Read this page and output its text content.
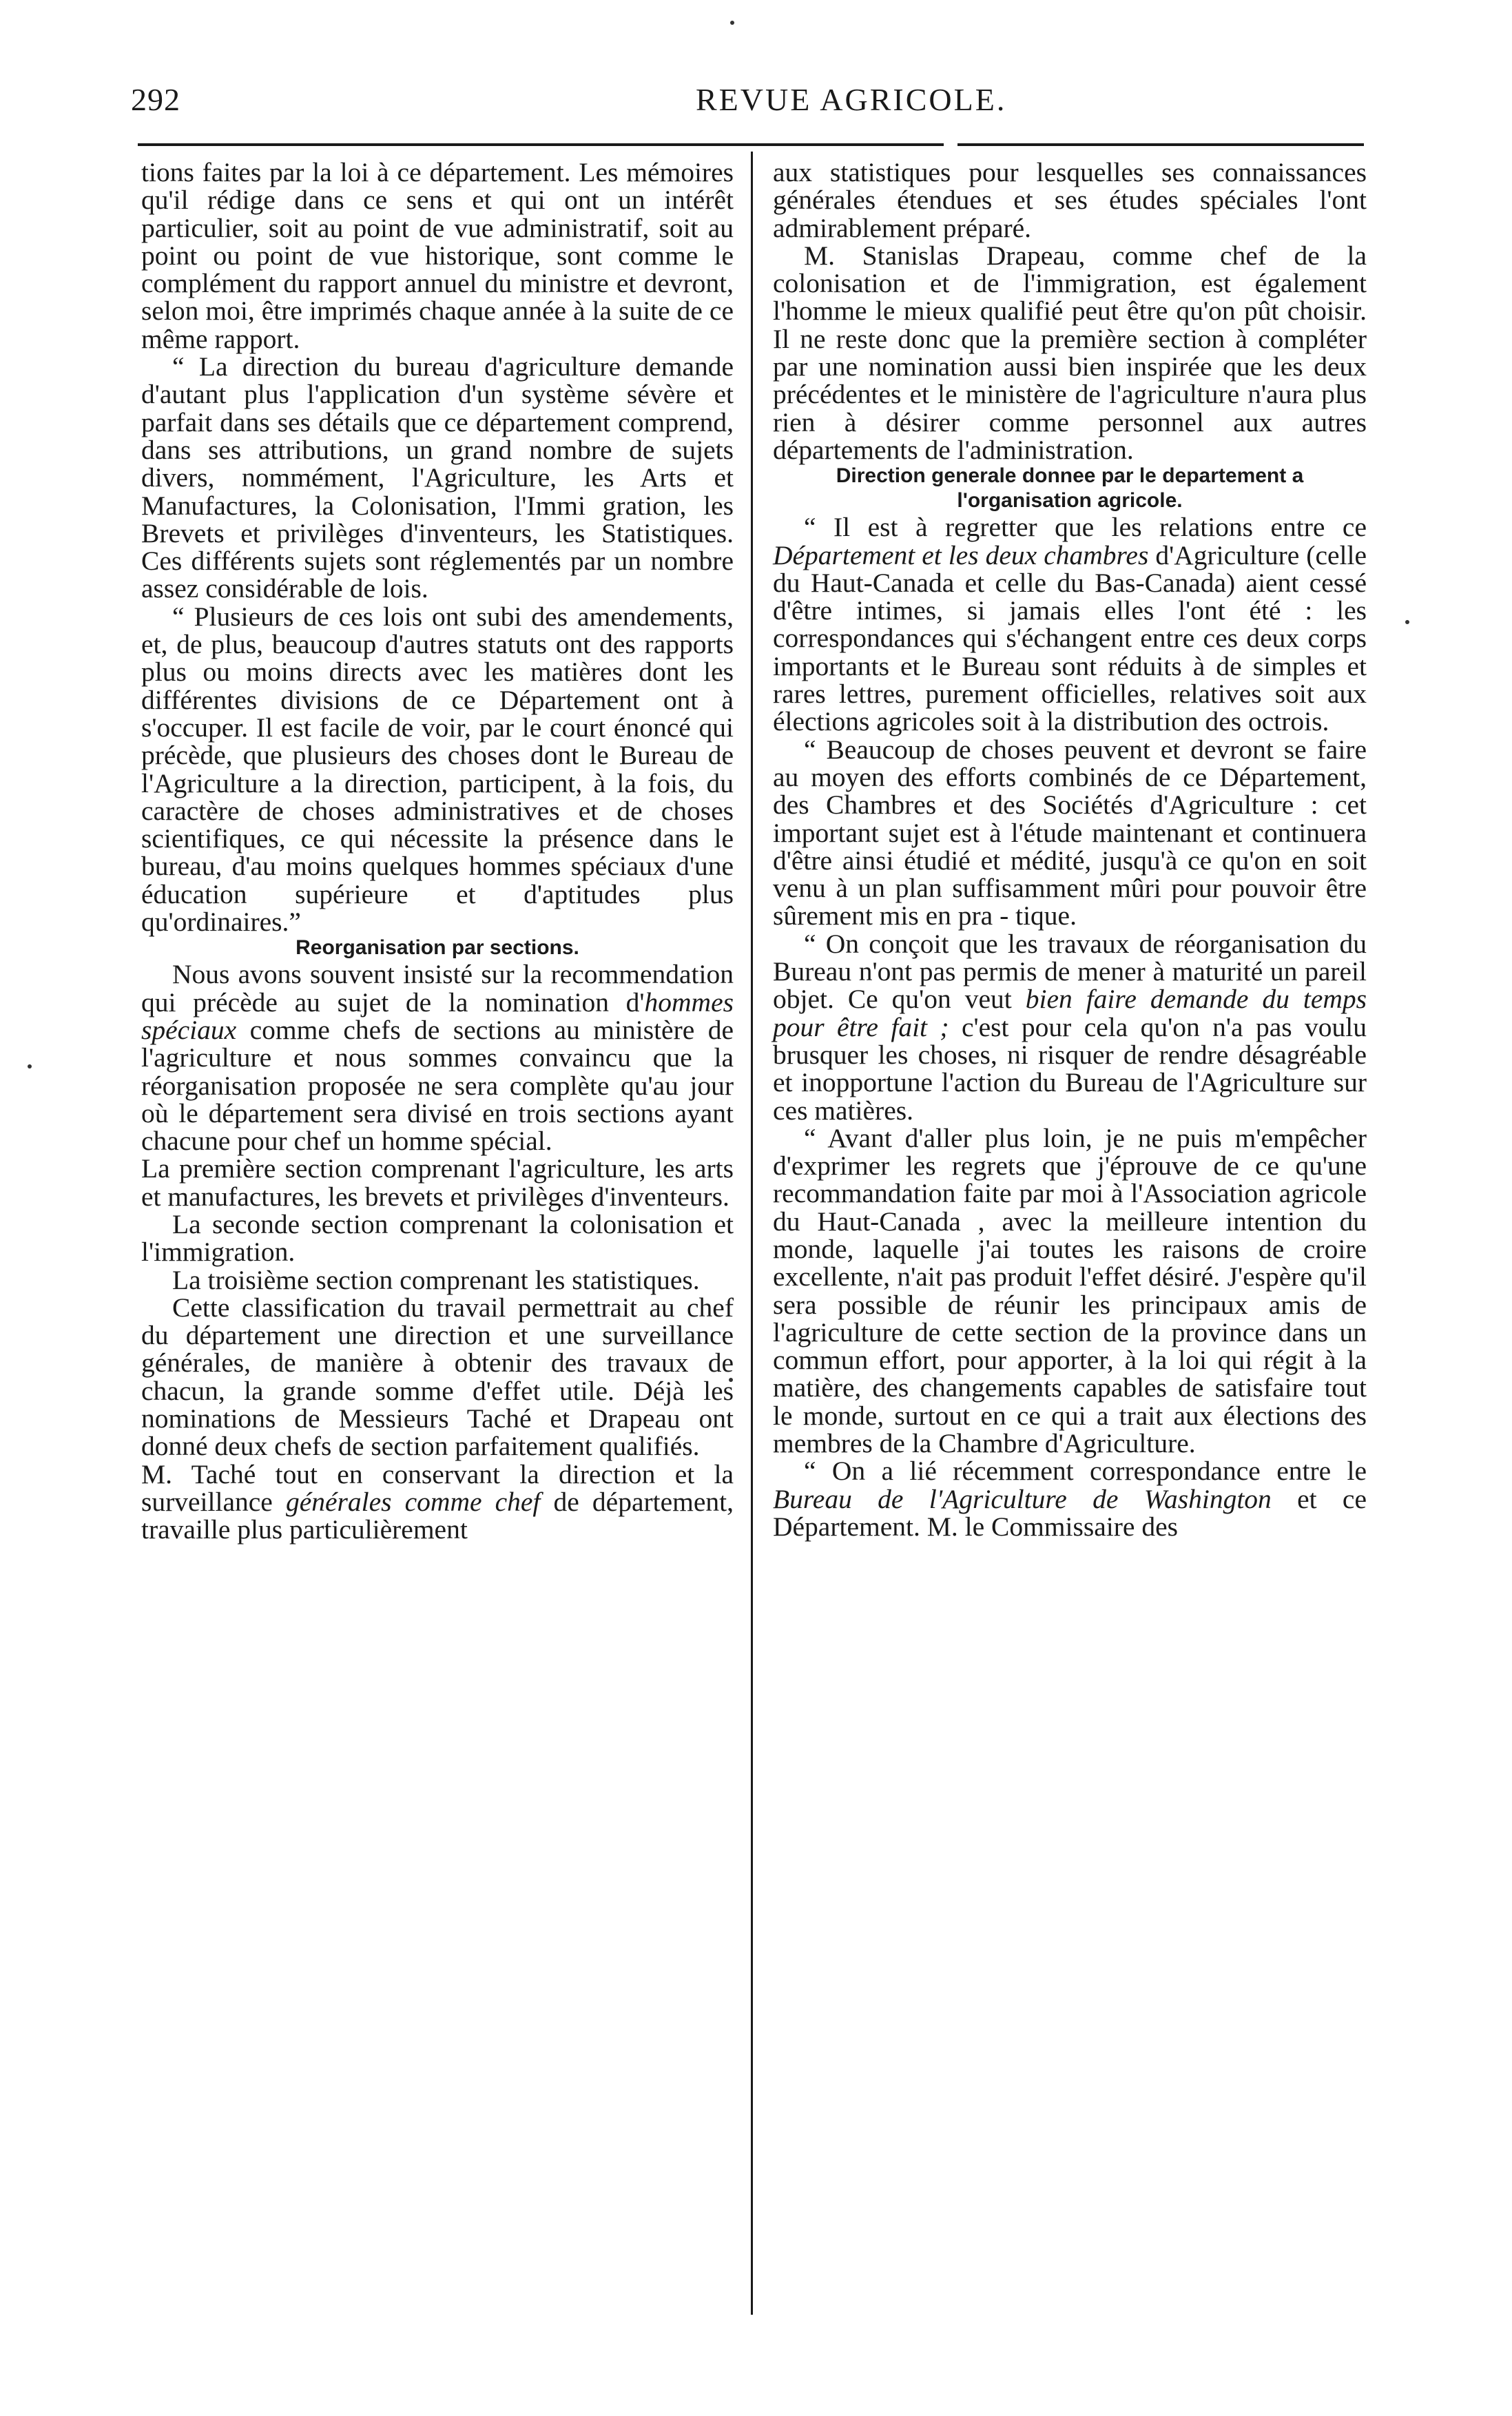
292	REVUE AGRICOLE.

tions faites par la loi à ce département. Les mémoires qu'il rédige dans ce sens et qui ont un intérêt particulier, soit au point de vue administratif, soit au point ou point de vue historique, sont comme le complément du rapport annuel du ministre et devront, selon moi, être imprimés chaque année à la suite de ce même rapport.

“ La direction du bureau d'agriculture demande d'autant plus l'application d'un système sévère et parfait dans ses détails que ce département comprend, dans ses attributions, un grand nombre de sujets divers, nommément, l'Agriculture, les Arts et Manufactures, la Colonisation, l'Immi gration, les Brevets et privilèges d'inventeurs, les Statistiques. Ces différents sujets sont réglementés par un nombre assez considérable de lois.

“ Plusieurs de ces lois ont subi des amendements, et, de plus, beaucoup d'autres statuts ont des rapports plus ou moins directs avec les matières dont les différentes divisions de ce Département ont à s'occuper. Il est facile de voir, par le court énoncé qui précède, que plusieurs des choses dont le Bureau de l'Agriculture a la direction, participent, à la fois, du caractère de choses administratives et de choses scientifiques, ce qui nécessite la présence dans le bureau, d'au moins quelques hommes spéciaux d'une éducation supérieure et d'aptitudes plus qu'ordinaires.”

Reorganisation par sections.

Nous avons souvent insisté sur la recommendation qui précède au sujet de la nomination d'hommes spéciaux comme chefs de sections au ministère de l'agriculture et nous sommes convaincu que la réorganisation proposée ne sera complète qu'au jour où le département sera divisé en trois sections ayant chacune pour chef un homme spécial.

La première section comprenant l'agriculture, les arts et manufactures, les brevets et privilèges d'inventeurs.

La seconde section comprenant la colonisation et l'immigration.

La troisième section comprenant les statistiques.

Cette classification du travail permettrait au chef du département une direction et une surveillance générales, de manière à obtenir des travaux de chacun, la grande somme d'effet utile. Déjà les nominations de Messieurs Taché et Drapeau ont donné deux chefs de section parfaitement qualifiés.

M. Taché tout en conservant la direction et la surveillance générales comme chef de département, travaille plus particulièrement

aux statistiques pour lesquelles ses connaissances générales étendues et ses études spéciales l'ont admirablement préparé.

M. Stanislas Drapeau, comme chef de la colonisation et de l'immigration, est également l'homme le mieux qualifié peut être qu'on pût choisir. Il ne reste donc que la première section à compléter par une nomination aussi bien inspirée que les deux précédentes et le ministère de l'agriculture n'aura plus rien à désirer comme personnel aux autres départements de l'administration.

Direction generale donnee par le departement a
l'organisation agricole.

“ Il est à regretter que les relations entre ce Département et les deux chambres d'Agriculture (celle du Haut-Canada et celle du Bas-Canada) aient cessé d'être intimes, si jamais elles l'ont été : les correspondances qui s'échangent entre ces deux corps importants et le Bureau sont réduits à de simples et rares lettres, purement officielles, relatives soit aux élections agricoles soit à la distribution des octrois.

“ Beaucoup de choses peuvent et devront se faire au moyen des efforts combinés de ce Département, des Chambres et des Sociétés d'Agriculture : cet important sujet est à l'étude maintenant et continuera d'être ainsi étudié et médité, jusqu'à ce qu'on en soit venu à un plan suffisamment mûri pour pouvoir être sûrement mis en pra - tique.

“ On conçoit que les travaux de réorganisation du Bureau n'ont pas permis de mener à maturité un pareil objet. Ce qu'on veut bien faire demande du temps pour être fait ; c'est pour cela qu'on n'a pas voulu brusquer les choses, ni risquer de rendre désagréable et inopportune l'action du Bureau de l'Agriculture sur ces matières.

“ Avant d'aller plus loin, je ne puis m'empêcher d'exprimer les regrets que j'éprouve de ce qu'une recommandation faite par moi à l'Association agricole du Haut-Canada , avec la meilleure intention du monde, laquelle j'ai toutes les raisons de croire excellente, n'ait pas produit l'effet désiré. J'espère qu'il sera possible de réunir les principaux amis de l'agriculture de cette section de la province dans un commun effort, pour apporter, à la loi qui régit à la matière, des changements capables de satisfaire tout le monde, surtout en ce qui a trait aux élections des membres de la Chambre d'Agriculture.

“ On a lié récemment correspondance entre le Bureau de l'Agriculture de Washington et ce Département. M. le Commissaire des
